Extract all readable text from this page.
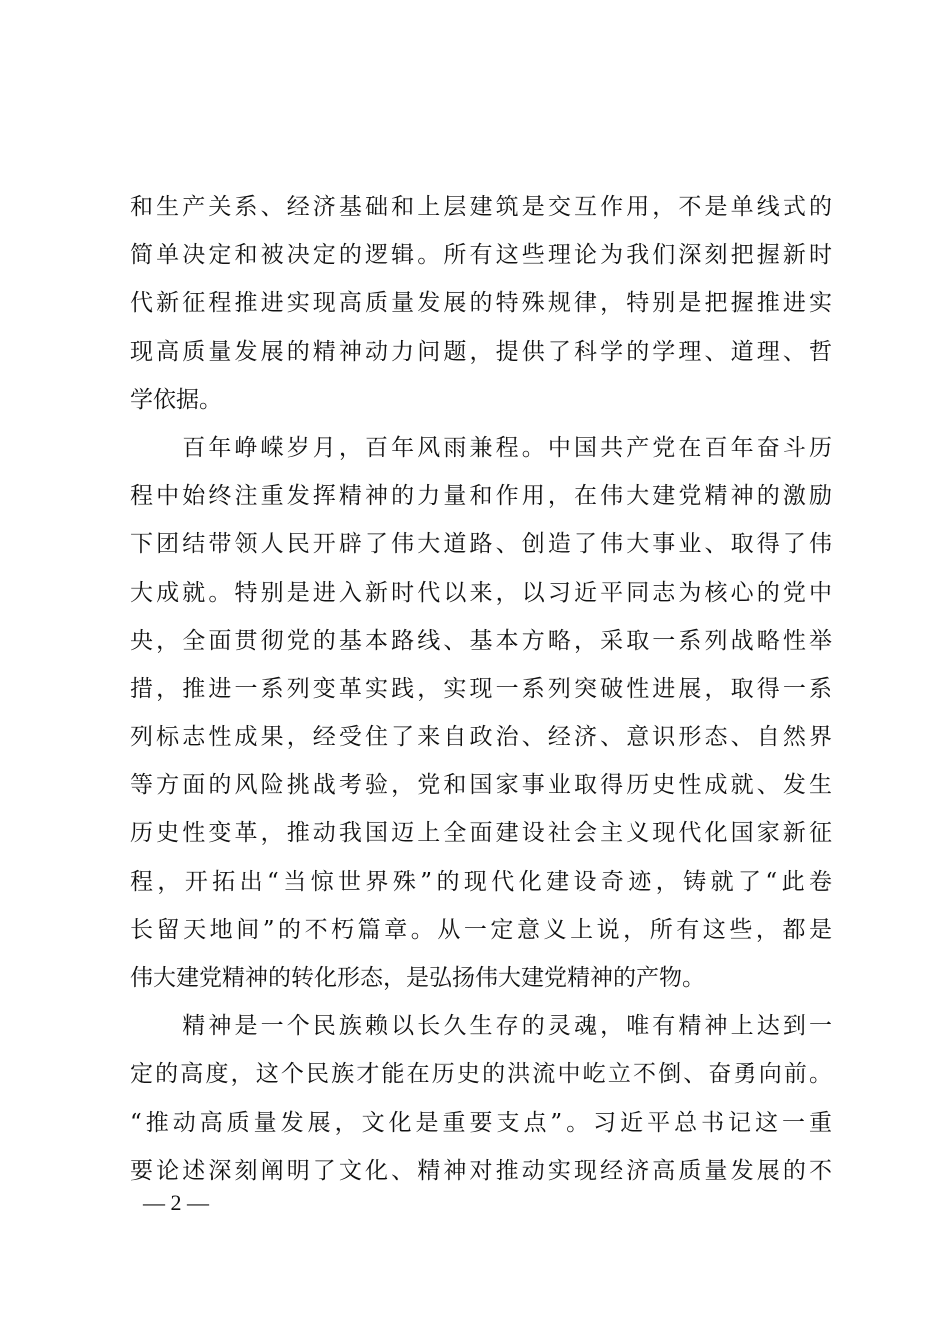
和生产关系、经济基础和上层建筑是交互作用，不是单线式的
简单决定和被决定的逻辑。所有这些理论为我们深刻把握新时
代新征程推进实现高质量发展的特殊规律，特别是把握推进实
现高质量发展的精神动力问题，提供了科学的学理、道理、哲
学依据。
　　百年峥嵘岁月，百年风雨兼程。中国共产党在百年奋斗历
程中始终注重发挥精神的力量和作用，在伟大建党精神的激励
下团结带领人民开辟了伟大道路、创造了伟大事业、取得了伟
大成就。特别是进入新时代以来，以习近平同志为核心的党中
央，全面贯彻党的基本路线、基本方略，采取一系列战略性举
措，推进一系列变革实践，实现一系列突破性进展，取得一系
列标志性成果，经受住了来自政治、经济、意识形态、自然界
等方面的风险挑战考验，党和国家事业取得历史性成就、发生
历史性变革，推动我国迈上全面建设社会主义现代化国家新征
程，开拓出“当惊世界殊”的现代化建设奇迹，铸就了“此卷
长留天地间”的不朽篇章。从一定意义上说，所有这些，都是
伟大建党精神的转化形态，是弘扬伟大建党精神的产物。
　　精神是一个民族赖以长久生存的灵魂，唯有精神上达到一
定的高度，这个民族才能在历史的洪流中屹立不倒、奋勇向前。
“推动高质量发展，文化是重要支点”。习近平总书记这一重
要论述深刻阐明了文化、精神对推动实现经济高质量发展的不
— 2 —
